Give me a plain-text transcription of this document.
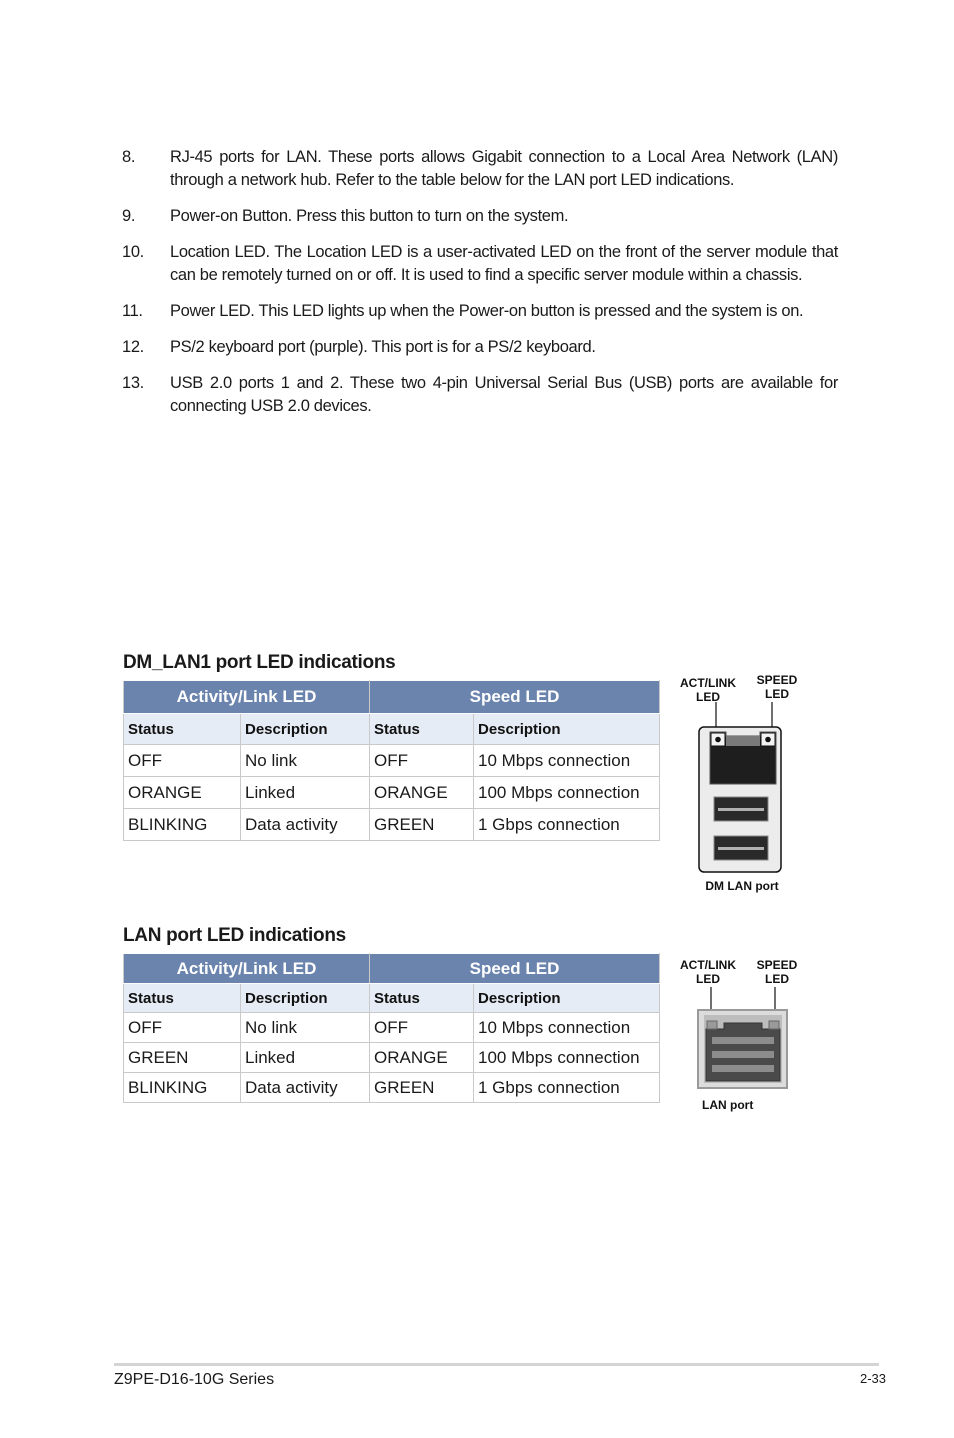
8.	RJ-45 ports for LAN. These ports allows Gigabit connection to a Local Area Network (LAN) through a network hub. Refer to the table below for the LAN port LED indications.
9.	Power-on Button. Press this button to turn on the system.
10.	Location LED. The Location LED is a user-activated LED on the front of the server module that can be remotely turned on or off. It is used to find a specific server module within a chassis.
11.	Power LED. This LED lights up when the Power-on button is pressed and the system is on.
12.	PS/2 keyboard port (purple). This port is for a PS/2 keyboard.
13.	USB 2.0 ports 1 and 2. These two 4-pin Universal Serial Bus (USB) ports are available for connecting USB 2.0 devices.
DM_LAN1 port LED indications
Activity/Link LED		Speed LED	
Status	Description	Status	Description
OFF	No link	OFF	10 Mbps connection
ORANGE	Linked	ORANGE	100 Mbps connection
BLINKING	Data activity	GREEN	1 Gbps connection
ACT/LINK
LED
SPEED
LED
DM LAN port
LAN port LED indications
Activity/Link LED		Speed LED	
Status	Description	Status	Description
OFF	No link	OFF	10 Mbps connection
GREEN	Linked	ORANGE	100 Mbps connection
BLINKING	Data activity	GREEN	1 Gbps connection
ACT/LINK
LED
SPEED
LED
LAN port
Z9PE-D16-10G Series	2-33
